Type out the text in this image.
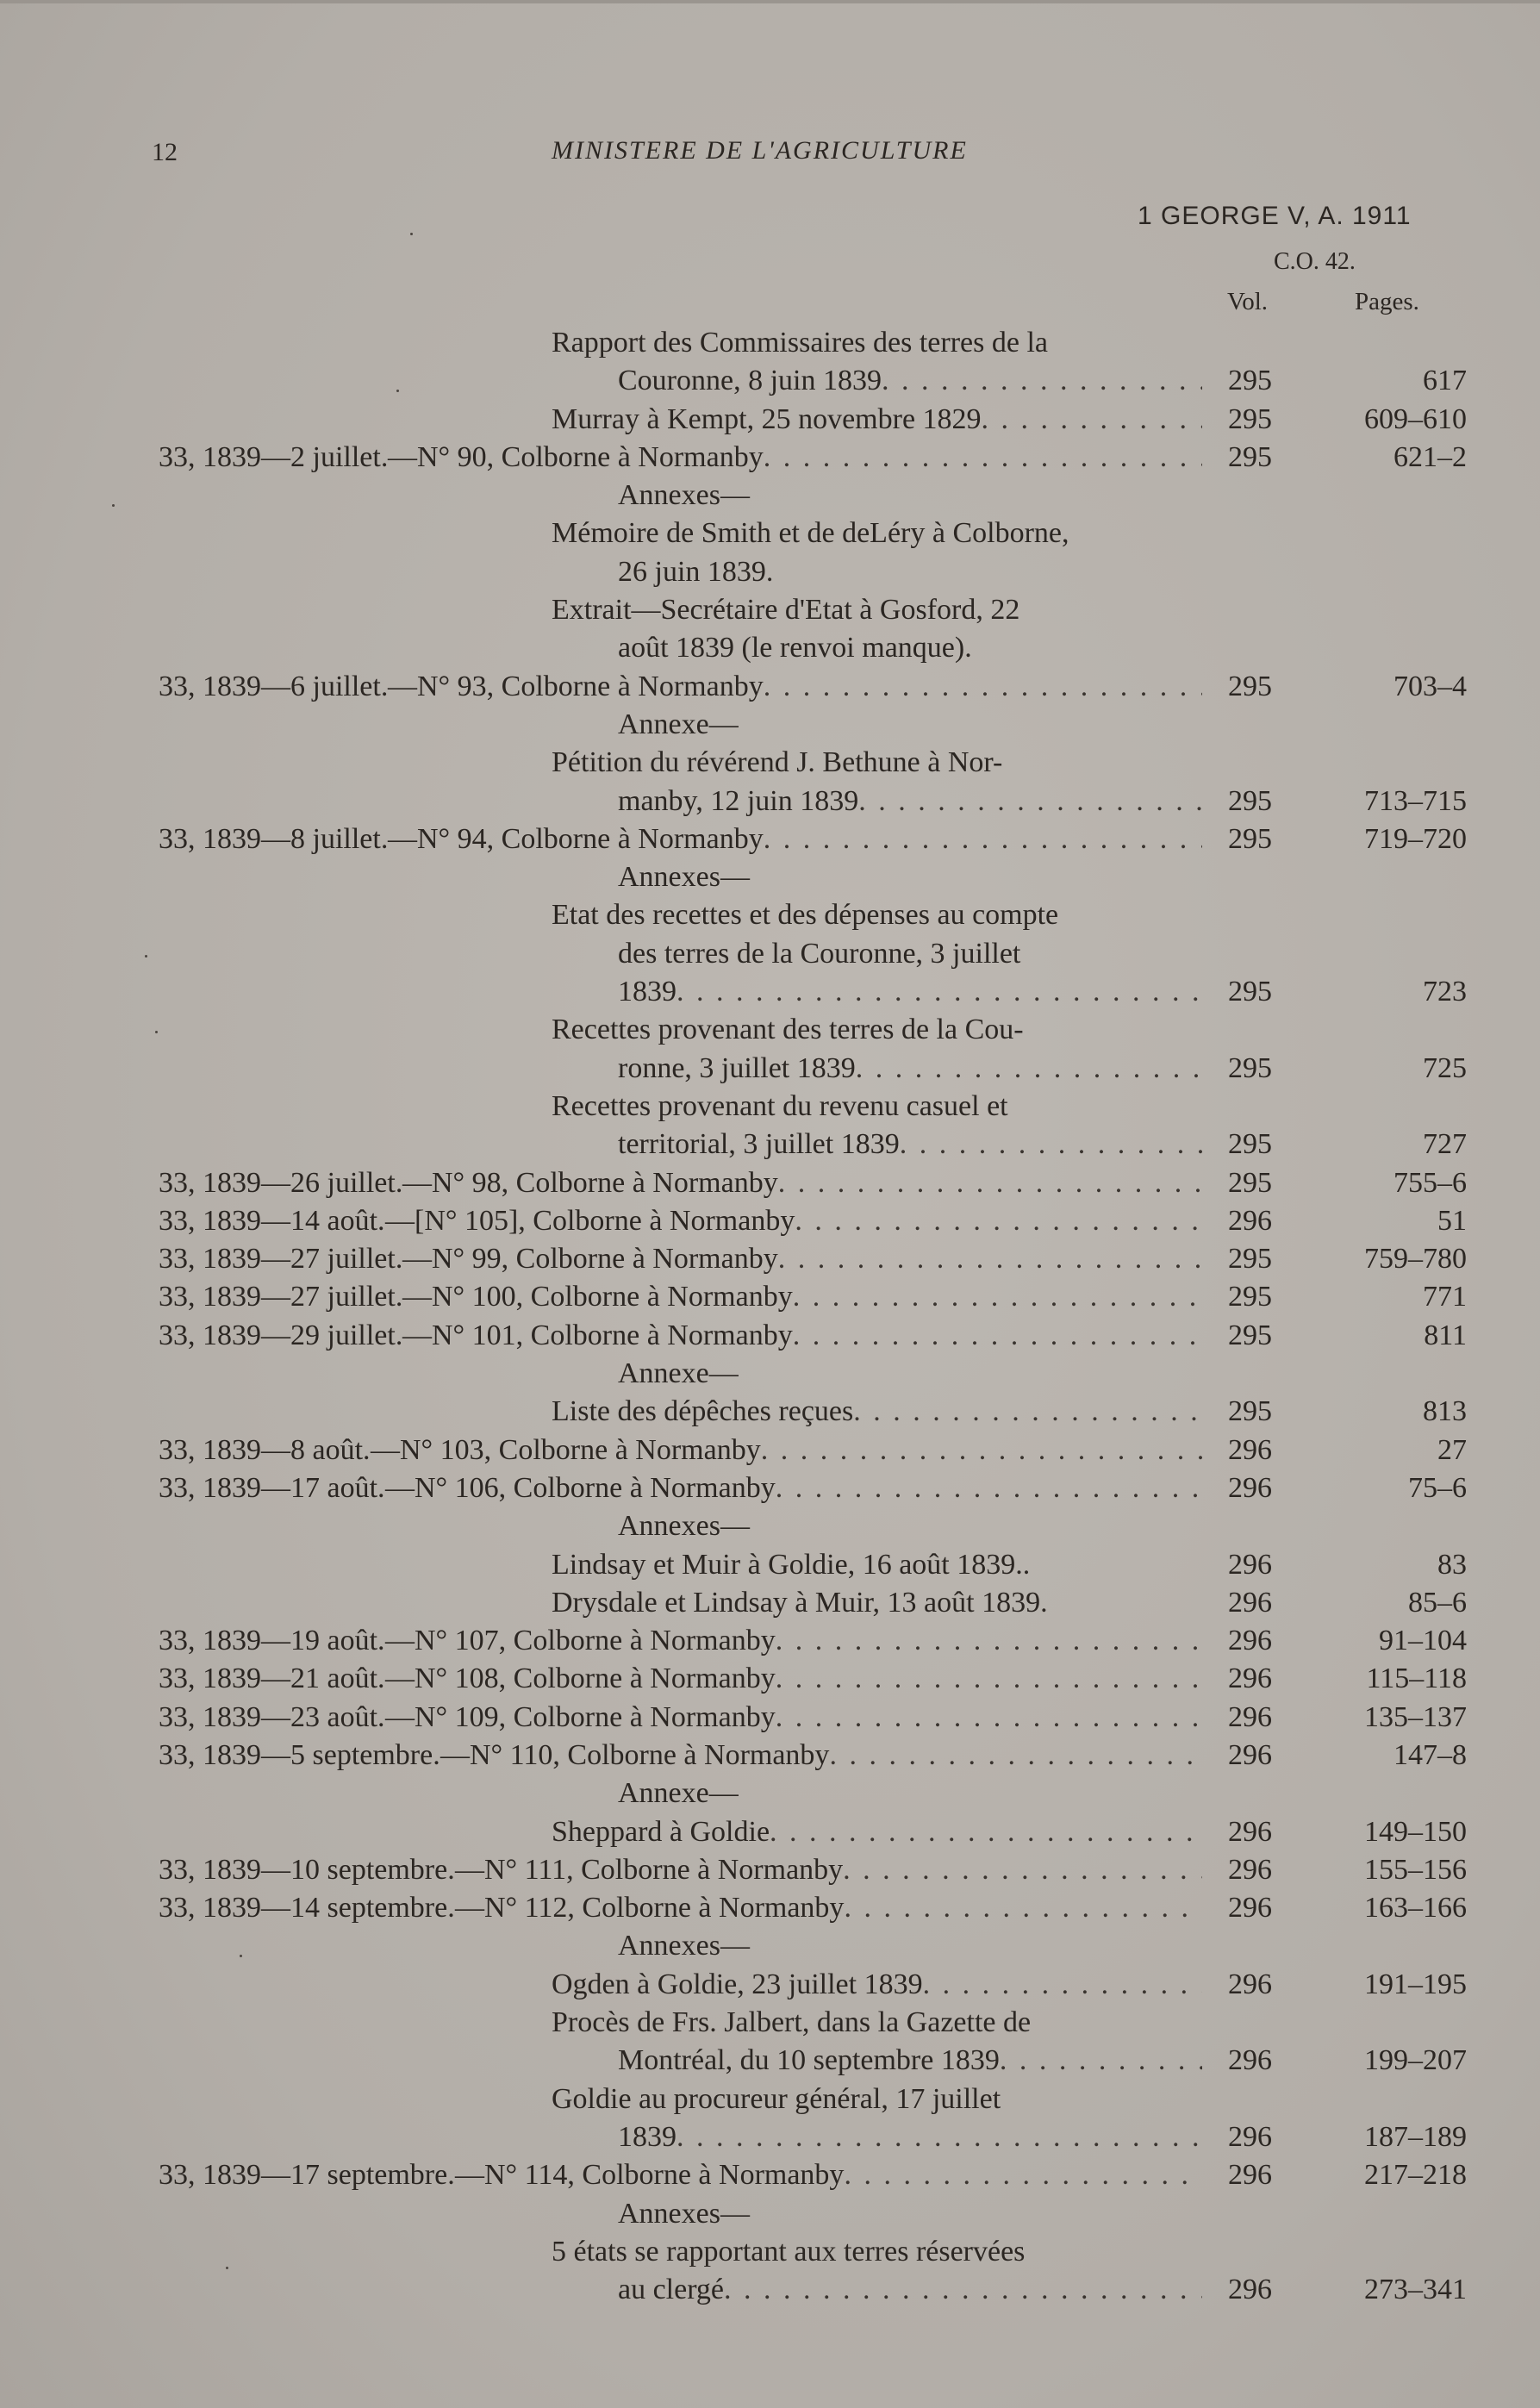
12	MINISTERE DE L'AGRICULTURE
1 GEORGE V, A. 1911
C.O. 42.
Vol.	Pages.
Rapport des Commissaires des terres de la
Couronne, 8 juin 1839 . . .	295	617
Murray à Kempt, 25 novembre 1829 . . .	295	609–610
33, 1839—2 juillet. —N° 90, Colborne à Normanby . . .	295	621–2
Annexes—
Mémoire de Smith et de deLéry à Colborne,
26 juin 1839.
Extrait—Secrétaire d'Etat à Gosford, 22
août 1839 (le renvoi manque).
33, 1839—6 juillet. —N° 93, Colborne à Normanby . . .	295	703–4
Annexe—
Pétition du révérend J. Bethune à Nor-
manby, 12 juin 1839 . . .	295	713–715
33, 1839—8 juillet. —N° 94, Colborne à Normanby . . .	295	719–720
Annexes—
Etat des recettes et des dépenses au compte
des terres de la Couronne, 3 juillet
1839 . . .	295	723
Recettes provenant des terres de la Cou-
ronne, 3 juillet 1839 . . .	295	725
Recettes provenant du revenu casuel et
territorial, 3 juillet 1839 . . .	295	727
33, 1839—26 juillet. —N° 98, Colborne à Normanby . . .	295	755–6
33, 1839—14 août. —[N° 105], Colborne à Normanby . . .	296	51
33, 1839—27 juillet. —N° 99, Colborne à Normanby . . .	295	759–780
33, 1839—27 juillet. —N° 100, Colborne à Normanby . . .	295	771
33, 1839—29 juillet. —N° 101, Colborne à Normanby . . .	295	811
Annexe—
Liste des dépêches reçues . . .	295	813
33, 1839—8 août. —N° 103, Colborne à Normanby . . .	296	27
33, 1839—17 août. —N° 106, Colborne à Normanby . . .	296	75–6
Annexes—
Lindsay et Muir à Goldie, 16 août 1839..	296	83
Drysdale et Lindsay à Muir, 13 août 1839.	296	85–6
33, 1839—19 août. —N° 107, Colborne à Normanby . . .	296	91–104
33, 1839—21 août. —N° 108, Colborne à Normanby . . .	296	115–118
33, 1839—23 août. —N° 109, Colborne à Normanby . . .	296	135–137
33, 1839—5 septembre. —N° 110, Colborne à Normanby . . .	296	147–8
Annexe—
Sheppard à Goldie . . .	296	149–150
33, 1839—10 septembre. —N° 111, Colborne à Normanby . . .	296	155–156
33, 1839—14 septembre. —N° 112, Colborne à Normanby . . .	296	163–166
Annexes—
Ogden à Goldie, 23 juillet 1839 . . .	296	191–195
Procès de Frs. Jalbert, dans la Gazette de
Montréal, du 10 septembre 1839 . . .	296	199–207
Goldie au procureur général, 17 juillet
1839 . . .	296	187–189
33, 1839—17 septembre. —N° 114, Colborne à Normanby . . .	296	217–218
Annexes—
5 états se rapportant aux terres réservées
au clergé . . .	296	273–341
